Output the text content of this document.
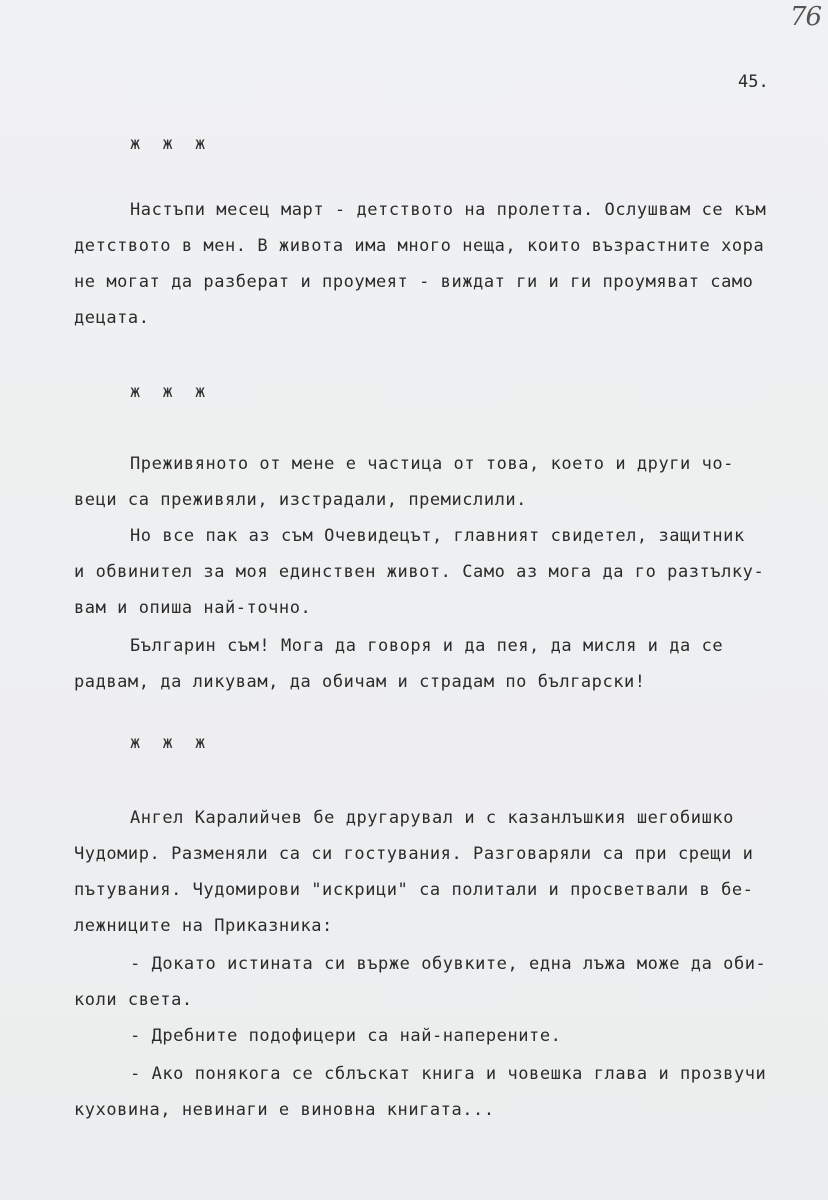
76
45.
ж ж ж
Настъпи месец март - детството на пролетта. Ослушвам се към
детството в мен. В живота има много неща, които възрастните хора
не могат да разберат и проумеят - виждат ги и ги проумяват само
децата.
ж ж ж
Преживяното от мене е частица от това, което и други чо-
веци са преживяли, изстрадали, премислили.
Но все пак аз съм Очевидецът, главният свидетел, защитник
и обвинител за моя единствен живот. Само аз мога да го разтълку-
вам и опиша най-точно.
Българин съм! Мога да говоря и да пея, да мисля и да се
радвам, да ликувам, да обичам и страдам по български!
ж ж ж
Ангел Каралийчев бе другарувал и с казанлъшкия шегобишко
Чудомир. Разменяли са си гостувания. Разговаряли са при срещи и
пътувания. Чудомирови "искрици" са политали и просветвали в бе-
лежниците на Приказника:
- Докато истината си върже обувките, една лъжа може да оби-
коли света.
- Дребните подофицери са най-наперените.
- Ако понякога се сблъскат книга и човешка глава и прозвучи
куховина, невинаги е виновна книгата...
